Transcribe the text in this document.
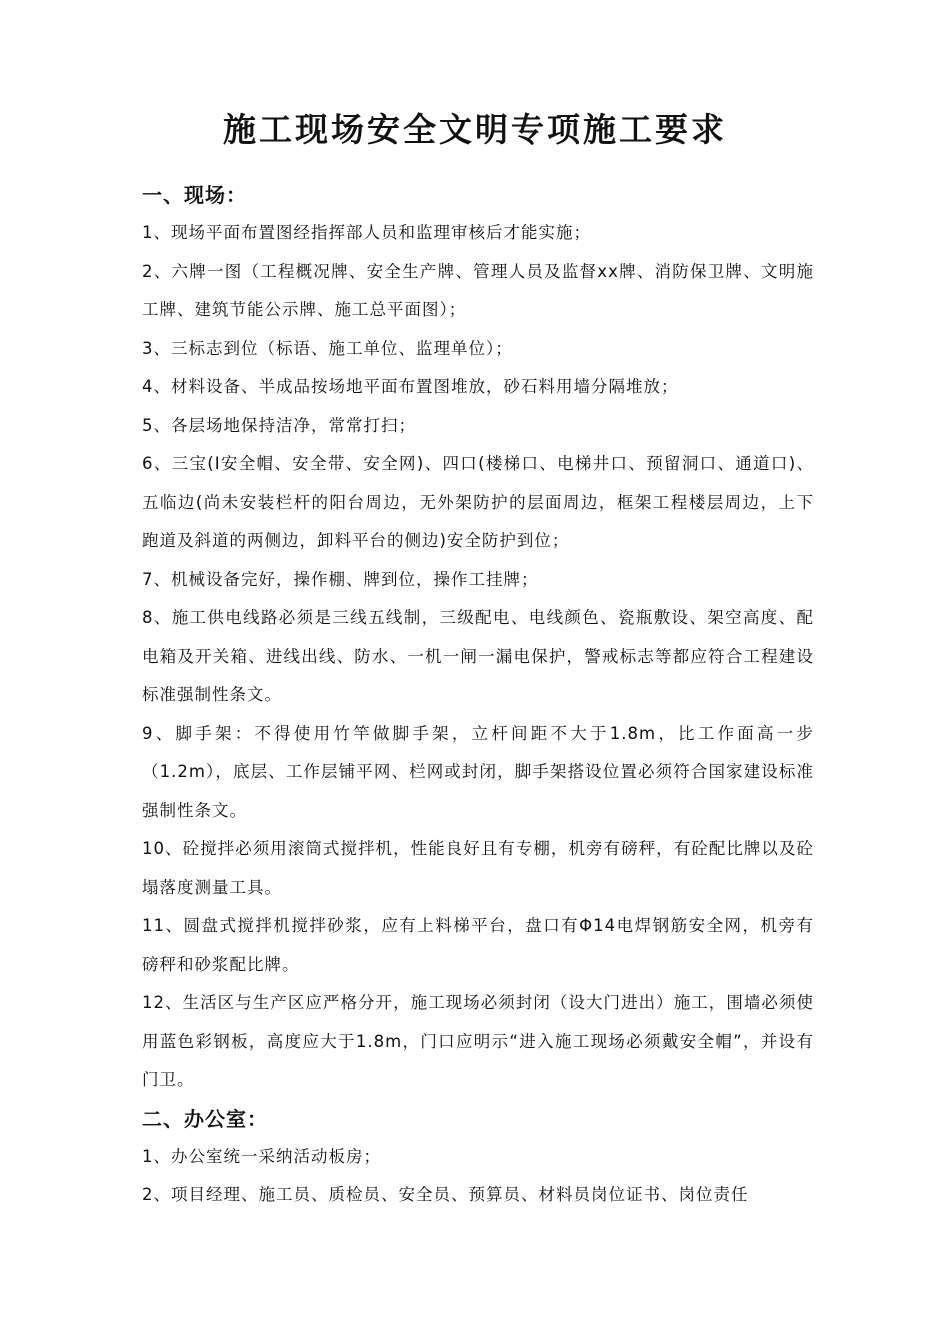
施工现场安全文明专项施工要求

一、现场：

1、现场平面布置图经指挥部人员和监理审核后才能实施；

2、六牌一图（工程概况牌、安全生产牌、管理人员及监督xx牌、消防保卫牌、文明施工牌、建筑节能公示牌、施工总平面图）；

3、三标志到位（标语、施工单位、监理单位）；

4、材料设备、半成品按场地平面布置图堆放，砂石料用墙分隔堆放；

5、各层场地保持洁净，常常打扫；

6、三宝(I安全帽、安全带、安全网)、四口(楼梯口、电梯井口、预留洞口、通道口)、五临边(尚未安装栏杆的阳台周边，无外架防护的层面周边，框架工程楼层周边，上下跑道及斜道的两侧边，卸料平台的侧边)安全防护到位；

7、机械设备完好，操作棚、牌到位，操作工挂牌；

8、施工供电线路必须是三线五线制，三级配电、电线颜色、瓷瓶敷设、架空高度、配电箱及开关箱、进线出线、防水、一机一闸一漏电保护，警戒标志等都应符合工程建设标准强制性条文。

9、脚手架：不得使用竹竿做脚手架，立杆间距不大于1.8m，比工作面高一步（1.2m），底层、工作层铺平网、栏网或封闭，脚手架搭设位置必须符合国家建设标准强制性条文。

10、砼搅拌必须用滚筒式搅拌机，性能良好且有专棚，机旁有磅秤，有砼配比牌以及砼塌落度测量工具。

11、圆盘式搅拌机搅拌砂浆，应有上料梯平台，盘口有Φ14电焊钢筋安全网，机旁有磅秤和砂浆配比牌。

12、生活区与生产区应严格分开，施工现场必须封闭（设大门进出）施工，围墙必须使用蓝色彩钢板，高度应大于1.8m，门口应明示“进入施工现场必须戴安全帽”，并设有门卫。

二、办公室：

1、办公室统一采纳活动板房；

2、项目经理、施工员、质检员、安全员、预算员、材料员岗位证书、岗位责任
